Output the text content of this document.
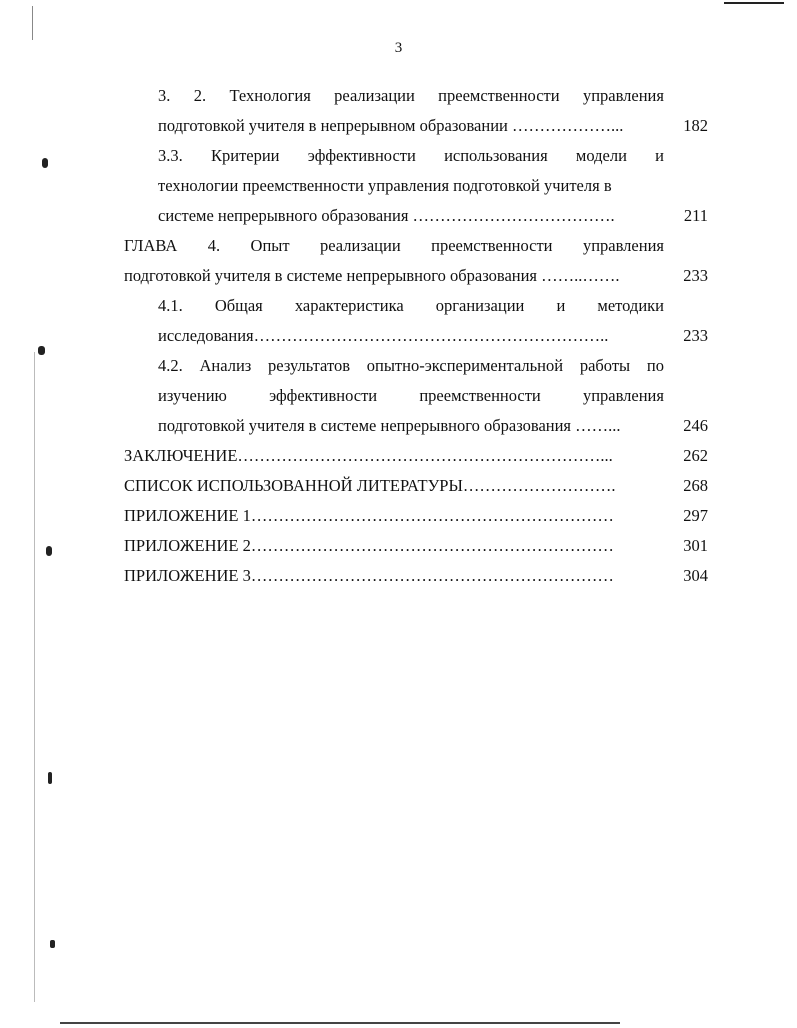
3
3. 2. Технология реализации преемственности управления
подготовкой учителя в непрерывном образовании ………………...	182
3.3. Критерии эффективности использования модели и
технологии преемственности управления подготовкой учителя в
системе непрерывного образования ……………………………….	211
ГЛАВА 4. Опыт реализации преемственности управления
подготовкой учителя в системе непрерывного образования ……..…….	233
4.1. Общая характеристика организации и методики
исследования………………………………………………………..	233
4.2. Анализ результатов опытно-экспериментальной работы по
изучению	эффективности	преемственности	управления
подготовкой учителя в системе непрерывного образования ……...	246
ЗАКЛЮЧЕНИЕ…………………………………………………………...	262
СПИСОК ИСПОЛЬЗОВАННОЙ ЛИТЕРАТУРЫ……………………….	268
ПРИЛОЖЕНИЕ 1…………………………………………………………	297
ПРИЛОЖЕНИЕ 2…………………………………………………………	301
ПРИЛОЖЕНИЕ 3…………………………………………………………	304
